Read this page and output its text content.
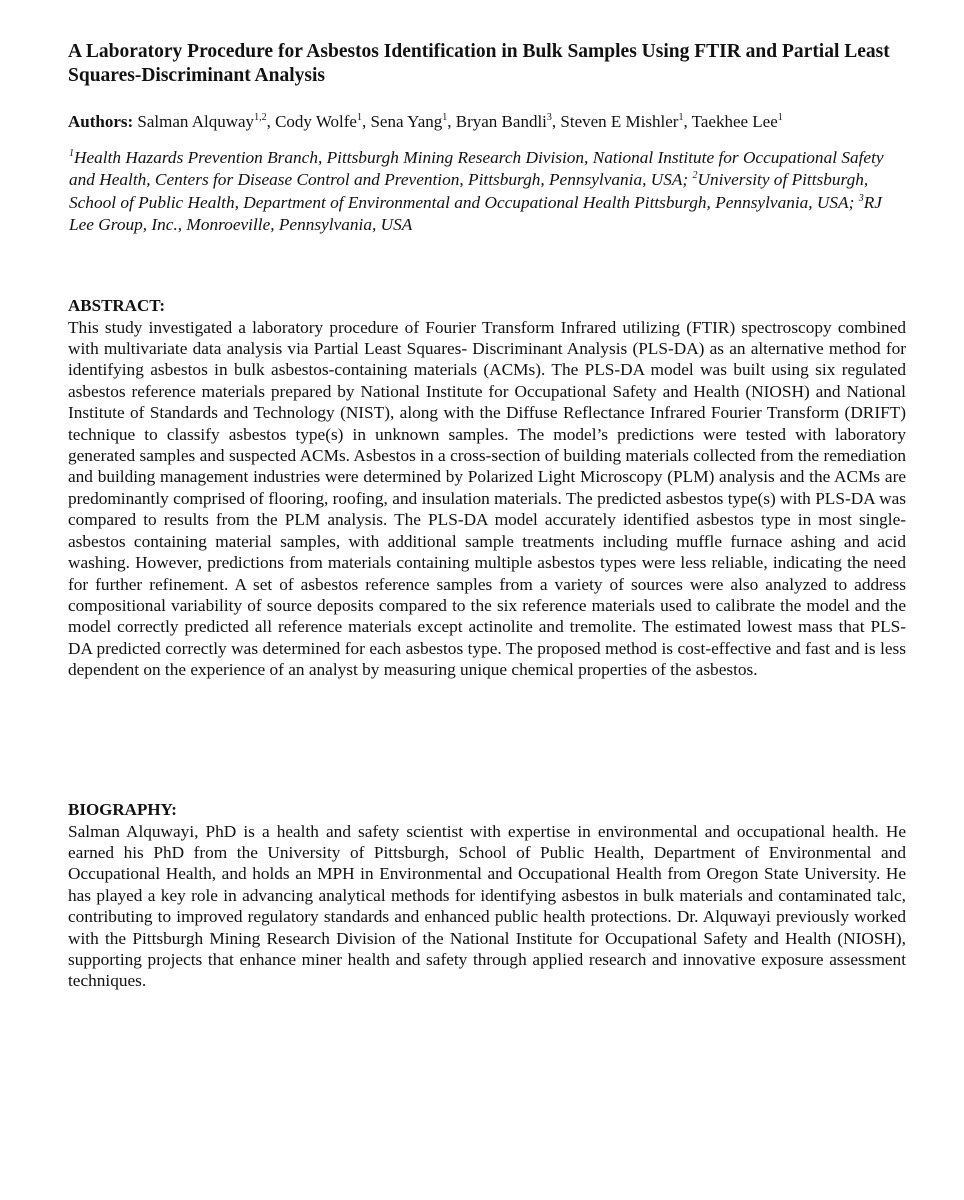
A Laboratory Procedure for Asbestos Identification in Bulk Samples Using FTIR and Partial Least Squares-Discriminant Analysis
Authors: Salman Alquway$^{1,2}$, Cody Wolfe$^1$, Sena Yang$^1$, Bryan Bandli$^3$, Steven E Mishler$^1$, Taekhee Lee$^1$
$^1$Health Hazards Prevention Branch, Pittsburgh Mining Research Division, National Institute for Occupational Safety and Health, Centers for Disease Control and Prevention, Pittsburgh, Pennsylvania, USA; $^2$University of Pittsburgh, School of Public Health, Department of Environmental and Occupational Health Pittsburgh, Pennsylvania, USA; $^3$RJ Lee Group, Inc., Monroeville, Pennsylvania, USA
ABSTRACT:

This study investigated a laboratory procedure of Fourier Transform Infrared utilizing (FTIR) spectroscopy combined with multivariate data analysis via Partial Least Squares- Discriminant Analysis (PLS-DA) as an alternative method for identifying asbestos in bulk asbestos-containing materials (ACMs). The PLS-DA model was built using six regulated asbestos reference materials prepared by National Institute for Occupational Safety and Health (NIOSH) and National Institute of Standards and Technology (NIST), along with the Diffuse Reflectance Infrared Fourier Transform (DRIFT) technique to classify asbestos type(s) in unknown samples. The model’s predictions were tested with laboratory generated samples and suspected ACMs. Asbestos in a cross-section of building materials collected from the remediation and building management industries were determined by Polarized Light Microscopy (PLM) analysis and the ACMs are predominantly comprised of flooring, roofing, and insulation materials. The predicted asbestos type(s) with PLS-DA was compared to results from the PLM analysis. The PLS-DA model accurately identified asbestos type in most single- asbestos containing material samples, with additional sample treatments including muffle furnace ashing and acid washing. However, predictions from materials containing multiple asbestos types were less reliable, indicating the need for further refinement. A set of asbestos reference samples from a variety of sources were also analyzed to address compositional variability of source deposits compared to the six reference materials used to calibrate the model and the model correctly predicted all reference materials except actinolite and tremolite. The estimated lowest mass that PLS-DA predicted correctly was determined for each asbestos type. The proposed method is cost-effective and fast and is less dependent on the experience of an analyst by measuring unique chemical properties of the asbestos.

BIOGRAPHY:

Salman Alquwayi, PhD is a health and safety scientist with expertise in environmental and occupational health. He earned his PhD from the University of Pittsburgh, School of Public Health, Department of Environmental and Occupational Health, and holds an MPH in Environmental and Occupational Health from Oregon State University. He has played a key role in advancing analytical methods for identifying asbestos in bulk materials and contaminated talc, contributing to improved regulatory standards and enhanced public health protections. Dr. Alquwayi previously worked with the Pittsburgh Mining Research Division of the National Institute for Occupational Safety and Health (NIOSH), supporting projects that enhance miner health and safety through applied research and innovative exposure assessment techniques.
